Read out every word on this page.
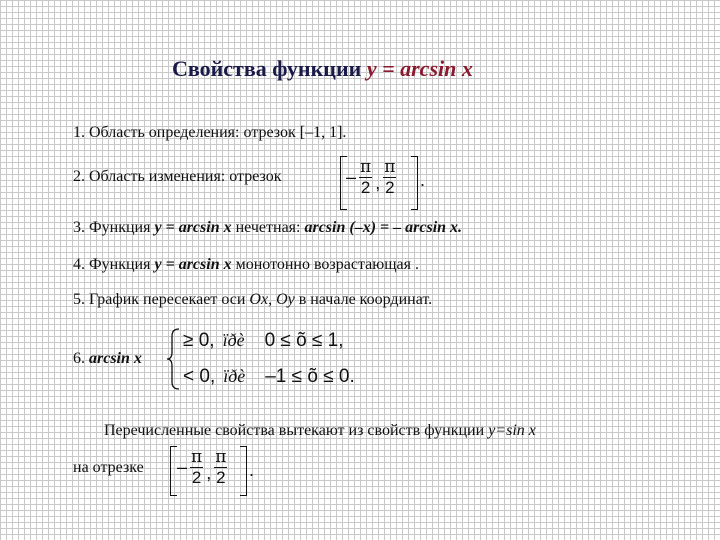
Свойства функции y = arcsin x
1. Область определения: отрезок [–1, 1].
2. Область изменения: отрезок	– $\frac{\pi}{2}$ , $\frac{\pi}{2}$ .
3. Функция y = arcsin x нечетная: arcsin (–x) = – arcsin x.
4. Функция y = arcsin x монотонно возрастающая .
5. График пересекает оси Ox, Oy в начале координат.
6. arcsin x
≥ 0, ïðè 0 ≤ õ ≤ 1,
< 0, ïðè –1 ≤ õ ≤ 0.
Перечисленные свойства вытекают из свойств функции y=sin x
на отрезке – $\frac{\pi}{2}$ , $\frac{\pi}{2}$ .
